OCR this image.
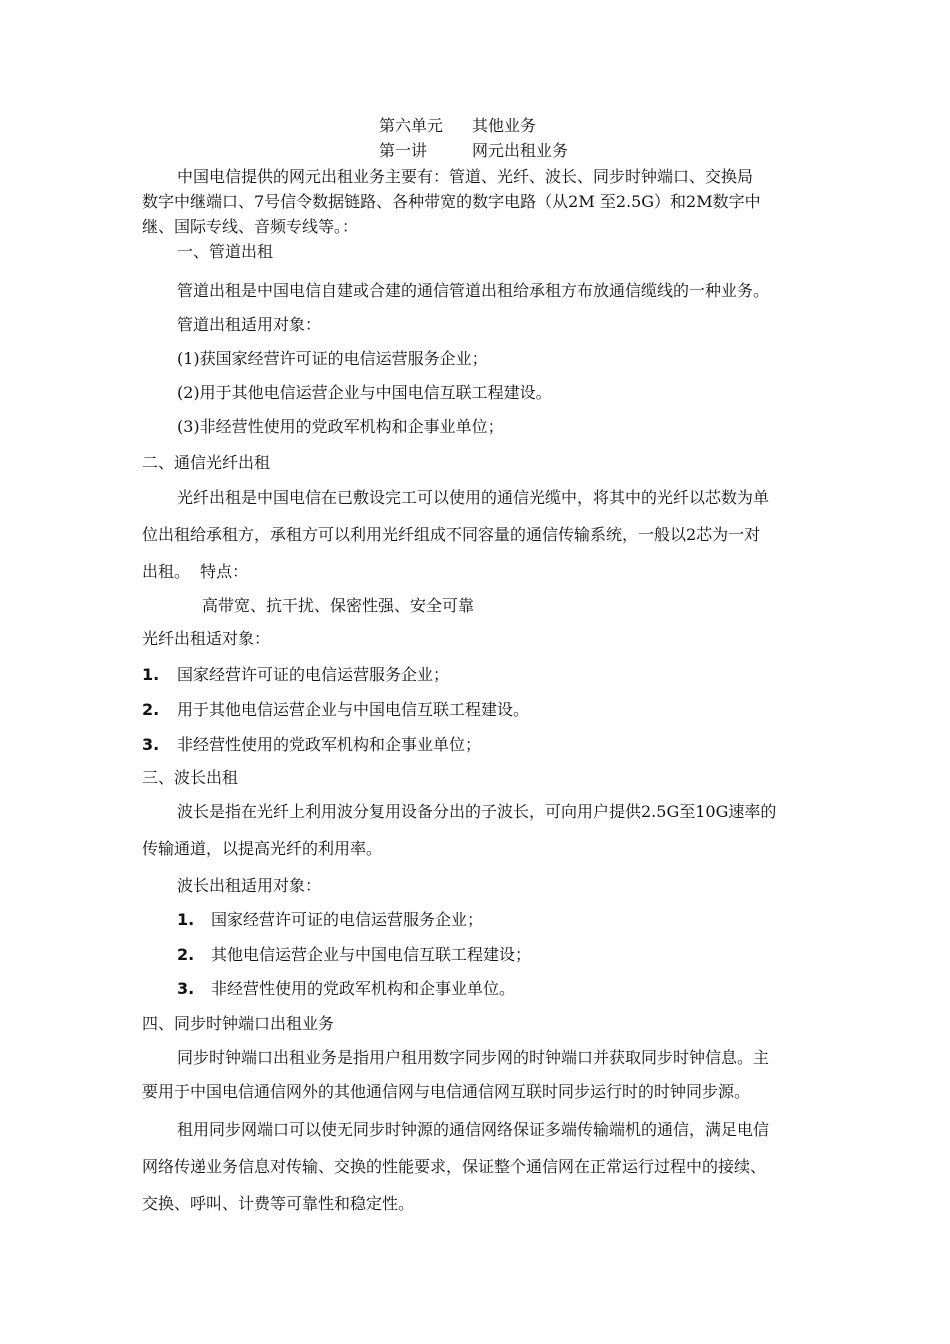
第六单元 其他业务
第一讲	网元出租业务
中国电信提供的网元出租业务主要有：管道、光纤、波长、同步时钟端口、交换局
数字中继端口、7号信令数据链路、各种带宽的数字电路（从2M 至2.5G）和2M数字中
继、国际专线、音频专线等。：
一、管道出租
管道出租是中国电信自建或合建的通信管道出租给承租方布放通信缆线的一种业务。
管道出租适用对象：
(1)获国家经营许可证的电信运营服务企业；
(2)用于其他电信运营企业与中国电信互联工程建设。
(3)非经营性使用的党政军机构和企事业单位；
二、通信光纤出租
光纤出租是中国电信在已敷设完工可以使用的通信光缆中，将其中的光纤以芯数为单
位出租给承租方，承租方可以利用光纤组成不同容量的通信传输系统，一般以2芯为一对
出租。  特点：
高带宽、抗干扰、保密性强、安全可靠
光纤出租适对象：
1. 国家经营许可证的电信运营服务企业；
2. 用于其他电信运营企业与中国电信互联工程建设。
3. 非经营性使用的党政军机构和企事业单位；
三、波长出租
波长是指在光纤上利用波分复用设备分出的子波长，可向用户提供2.5G至10G速率的
传输通道，以提高光纤的利用率。
波长出租适用对象：
1. 国家经营许可证的电信运营服务企业；
2. 其他电信运营企业与中国电信互联工程建设；
3. 非经营性使用的党政军机构和企事业单位。
四、同步时钟端口出租业务
同步时钟端口出租业务是指用户租用数字同步网的时钟端口并获取同步时钟信息。主
要用于中国电信通信网外的其他通信网与电信通信网互联时同步运行时的时钟同步源。
租用同步网端口可以使无同步时钟源的通信网络保证多端传输端机的通信，满足电信
网络传递业务信息对传输、交换的性能要求，保证整个通信网在正常运行过程中的接续、
交换、呼叫、计费等可靠性和稳定性。
